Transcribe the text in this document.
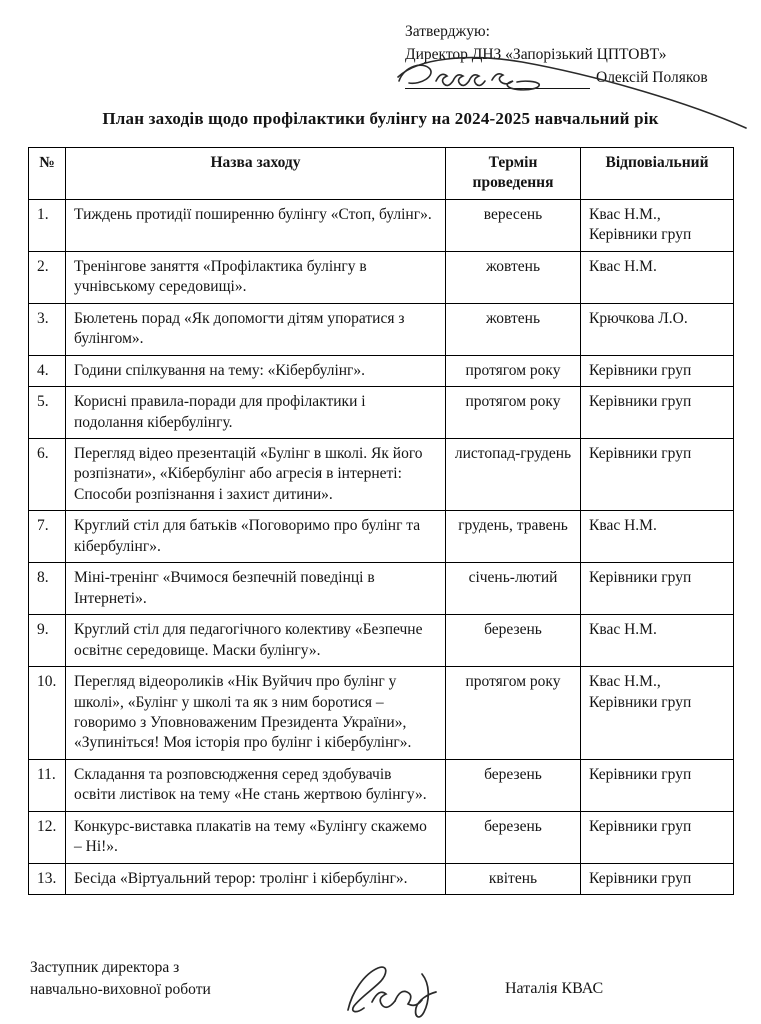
Затверджую:
Директор ДНЗ «Запорізький ЦПТОВТ»
Олексій Поляков
План заходів щодо профілактики булінгу на 2024-2025 навчальний рік
№	Назва заходу	Термін проведення	Відповіальний
1.	Тиждень протидії поширенню булінгу «Стоп, булінг».	вересень	Квас Н.М., Керівники груп
2.	Тренінгове заняття «Профілактика булінгу в учнівському середовищі».	жовтень	Квас Н.М.
3.	Бюлетень порад «Як допомогти дітям упоратися з булінгом».	жовтень	Крючкова Л.О.
4.	Години спілкування на тему: «Кібербулінг».	протягом року	Керівники груп
5.	Корисні правила-поради для профілактики і подолання кібербулінгу.	протягом року	Керівники груп
6.	Перегляд відео презентацій «Булінг в школі. Як його розпізнати», «Кібербулінг або агресія в інтернеті: Способи розпізнання і захист дитини».	листопад-грудень	Керівники груп
7.	Круглий стіл для батьків «Поговоримо про булінг та кібербулінг».	грудень, травень	Квас Н.М.
8.	Міні-тренінг «Вчимося безпечній поведінці в Інтернеті».	січень-лютий	Керівники груп
9.	Круглий стіл для педагогічного колективу «Безпечне освітнє середовище. Маски булінгу».	березень	Квас Н.М.
10.	Перегляд відеороликів «Нік Вуйчич про булінг у школі», «Булінг у школі та як з ним боротися – говоримо з Уповноваженим Президента України», «Зупиніться! Моя історія про булінг і кібербулінг».	протягом року	Квас Н.М., Керівники груп
11.	Складання та розповсюдження серед здобувачів освіти листівок на тему «Не стань жертвою булінгу».	березень	Керівники груп
12.	Конкурс-виставка плакатів на тему «Булінгу скажемо – Ні!».	березень	Керівники груп
13.	Бесіда «Віртуальний терор: тролінг і кібербулінг».	квітень	Керівники груп
Заступник директора з
навчально-виховної роботи	Наталія КВАС
